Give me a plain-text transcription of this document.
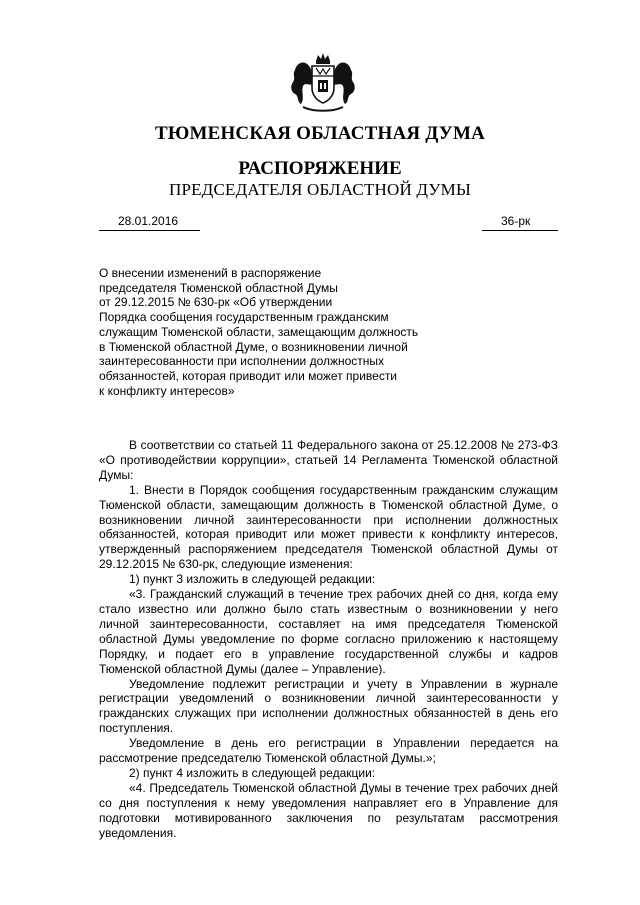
ТЮМЕНСКАЯ ОБЛАСТНАЯ ДУМА
РАСПОРЯЖЕНИЕ
ПРЕДСЕДАТЕЛЯ ОБЛАСТНОЙ ДУМЫ
28.01.2016	36-рк
О внесении изменений в распоряжение
председателя Тюменской областной Думы
от 29.12.2015 № 630-рк «Об утверждении
Порядка сообщения государственным гражданским
служащим Тюменской области, замещающим должность
в Тюменской областной Думе, о возникновении личной
заинтересованности при исполнении должностных
обязанностей, которая приводит или может привести
к конфликту интересов»

В соответствии со статьей 11 Федерального закона от 25.12.2008 № 273-ФЗ «О противодействии коррупции», статьей 14 Регламента Тюменской областной Думы:

1. Внести в Порядок сообщения государственным гражданским служащим Тюменской области, замещающим должность в Тюменской областной Думе, о возникновении личной заинтересованности при исполнении должностных обязанностей, которая приводит или может привести к конфликту интересов, утвержденный распоряжением председателя Тюменской областной Думы от 29.12.2015 № 630-рк, следующие изменения:

1) пункт 3 изложить в следующей редакции:

«3. Гражданский служащий в течение трех рабочих дней со дня, когда ему стало известно или должно было стать известным о возникновении у него личной заинтересованности, составляет на имя председателя Тюменской областной Думы уведомление по форме согласно приложению к настоящему Порядку, и подает его в управление государственной службы и кадров Тюменской областной Думы (далее – Управление).

Уведомление подлежит регистрации и учету в Управлении в журнале регистрации уведомлений о возникновении личной заинтересованности у гражданских служащих при исполнении должностных обязанностей в день его поступления.

Уведомление в день его регистрации в Управлении передается на рассмотрение председателю Тюменской областной Думы.»;

2) пункт 4 изложить в следующей редакции:

«4. Председатель Тюменской областной Думы в течение трех рабочих дней со дня поступления к нему уведомления направляет его в Управление для подготовки мотивированного заключения по результатам рассмотрения уведомления.
